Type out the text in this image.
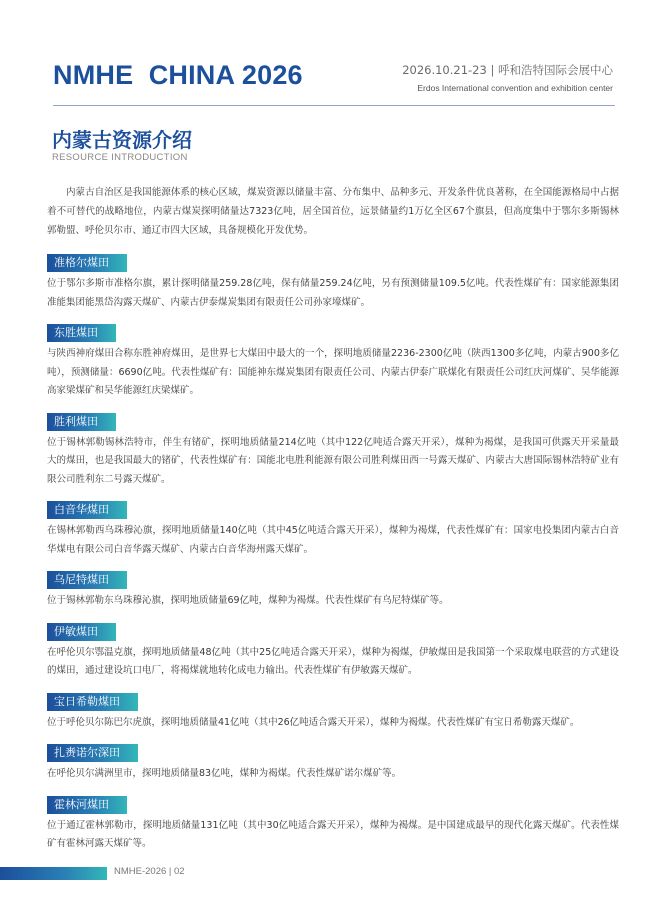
NMHE  CHINA 2026	2026.10.21-23 | 呼和浩特国际会展中心
Erdos International convention and exhibition center
内蒙古资源介绍
RESOURCE INTRODUCTION

内蒙古自治区是我国能源体系的核心区域，煤炭资源以储量丰富、分布集中、品种多元、开发条件优良著称，在全国能源格局中占据着不可替代的战略地位，内蒙古煤炭探明储量达7323亿吨，居全国首位，远景储量约1万亿全区67个旗县，但高度集中于鄂尔多斯锡林郭勒盟、呼伦贝尔市、通辽市四大区域，具备规模化开发优势。

准格尔煤田

位于鄂尔多斯市准格尔旗，累计探明储量259.28亿吨，保有储量259.24亿吨，另有预测储量109.5亿吨。代表性煤矿有：国家能源集团准能集团能黑岱沟露天煤矿、内蒙古伊泰煤炭集团有限责任公司孙家壕煤矿。

东胜煤田

与陕西神府煤田合称东胜神府煤田，是世界七大煤田中最大的一个，探明地质储量2236-2300亿吨（陕西1300多亿吨，内蒙古900多亿吨），预测储量：6690亿吨。代表性煤矿有：国能神东煤炭集团有限责任公司、内蒙古伊泰广联煤化有限责任公司红庆河煤矿、吴华能源高家梁煤矿和吴华能源红庆梁煤矿。

胜利煤田

位于锡林郭勒锡林浩特市，伴生有锗矿，探明地质储量214亿吨（其中122亿吨适合露天开采），煤种为褐煤，是我国可供露天开采量最大的煤田，也是我国最大的锗矿，代表性煤矿有：国能北电胜利能源有限公司胜利煤田西一号露天煤矿、内蒙古大唐国际锡林浩特矿业有限公司胜利东二号露天煤矿。

白音华煤田

在锡林郭勒西乌珠穆沁旗，探明地质储量140亿吨（其中45亿吨适合露天开采），煤种为褐煤，代表性煤矿有：国家电投集团内蒙古白音华煤电有限公司白音华露天煤矿、内蒙古白音华海州露天煤矿。

乌尼特煤田

位于锡林郭勒东乌珠穆沁旗，探明地质储量69亿吨，煤种为褐煤。代表性煤矿有乌尼特煤矿等。

伊敏煤田

在呼伦贝尔鄂温克旗，探明地质储量48亿吨（其中25亿吨适合露天开采），煤种为褐煤，伊敏煤田是我国第一个采取煤电联营的方式建设的煤田，通过建设坑口电厂，将褐煤就地转化成电力输出。代表性煤矿有伊敏露天煤矿。

宝日希勒煤田

位于呼伦贝尔陈巴尔虎旗，探明地质储量41亿吨（其中26亿吨适合露天开采），煤种为褐煤。代表性煤矿有宝日希勒露天煤矿。

扎赉诺尔深田

在呼伦贝尔满洲里市，探明地质储量83亿吨，煤种为褐煤。代表性煤矿诺尔煤矿等。

霍林河煤田

位于通辽霍林郭勒市，探明地质储量131亿吨（其中30亿吨适合露天开采），煤种为褐煤。是中国建成最早的现代化露天煤矿。代表性煤矿有霍林河露天煤矿等。

NMHE-2026 | 02
